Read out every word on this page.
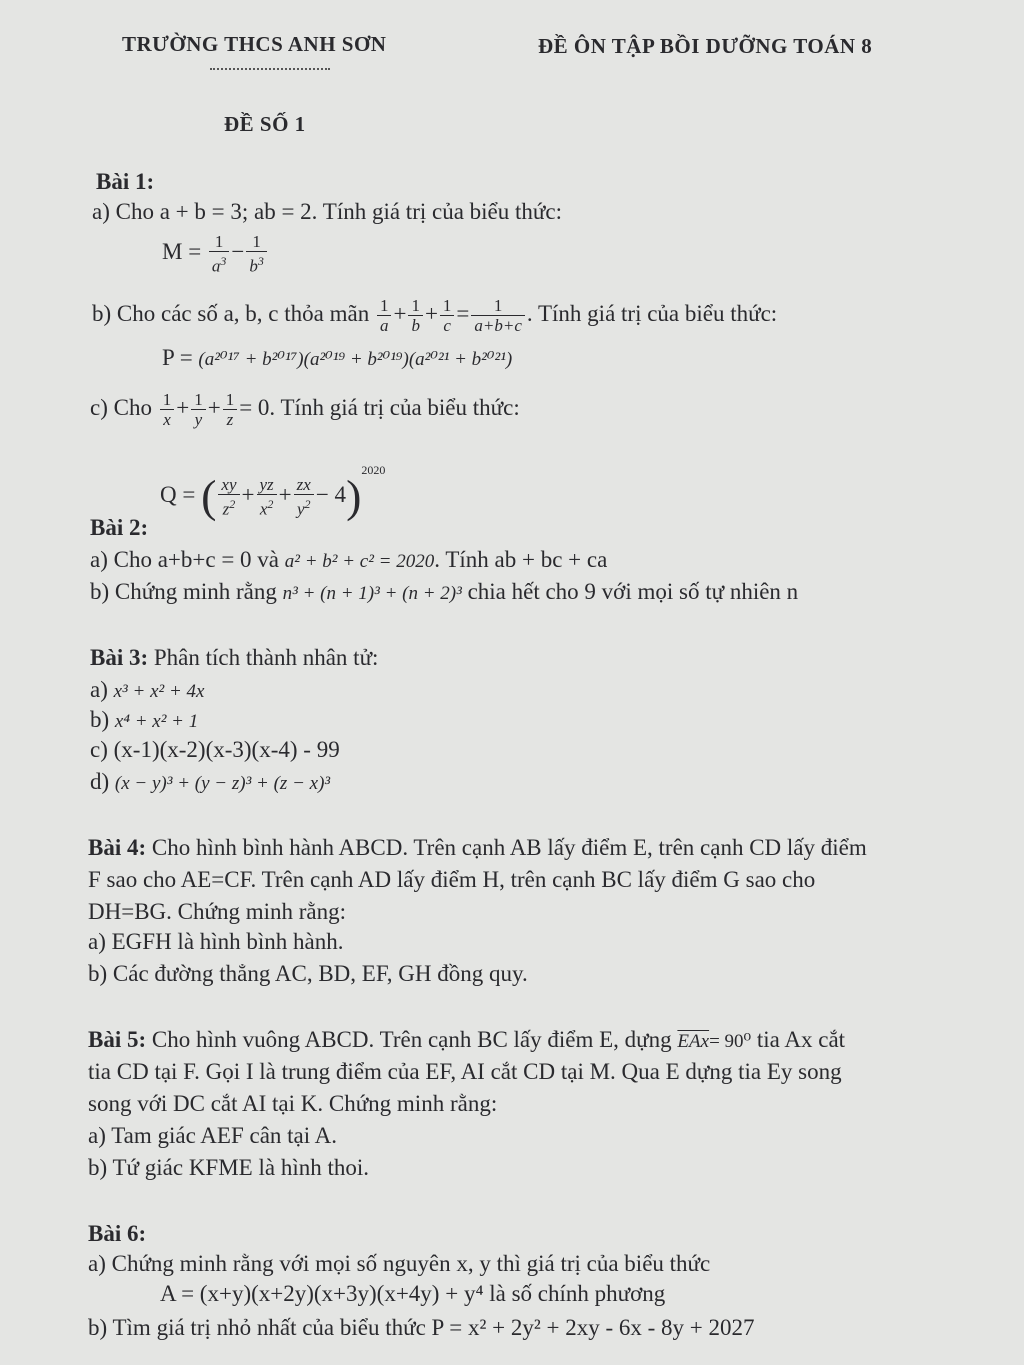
TRƯỜNG THCS ANH SƠN	ĐỀ ÔN TẬP BỒI DƯỠNG TOÁN 8
ĐỀ SỐ 1
Bài 1:
a) Cho a + b = 3; ab = 2. Tính giá trị của biểu thức:
$M = \frac{1}{a^3} - \frac{1}{b^3}$
b) Cho các số a, b, c thỏa mãn $\frac{1}{a} + \frac{1}{b} + \frac{1}{c} = \frac{1}{a+b+c}$ . Tính giá trị của biểu thức:
P = (a²⁰¹⁷ + b²⁰¹⁷)(a²⁰¹⁹ + b²⁰¹⁹)(a²⁰²¹ + b²⁰²¹)
c) Cho $\frac{1}{x} + \frac{1}{y} + \frac{1}{z} = 0$. Tính giá trị của biểu thức:
Q = ( $\frac{xy}{z^2} + \frac{yz}{x^2} + \frac{zx}{y^2} - 4)^{2020}$
Bài 2:
a) Cho a+b+c = 0 và a² + b² + c² = 2020. Tính ab + bc + ca
b) Chứng minh rằng n³ + (n + 1)³ + (n + 2)³ chia hết cho 9 với mọi số tự nhiên n
Bài 3: Phân tích thành nhân tử:
a) x³ + x² + 4x
b) x⁴ + x² + 1
c) (x-1)(x-2)(x-3)(x-4) - 99
d) (x − y)³ + (y − z)³ + (z − x)³
Bài 4: Cho hình bình hành ABCD. Trên cạnh AB lấy điểm E, trên cạnh CD lấy điểm
F sao cho AE=CF. Trên cạnh AD lấy điểm H, trên cạnh BC lấy điểm G sao cho
DH=BG. Chứng minh rằng:
a) EGFH là hình bình hành.
b) Các đường thẳng AC, BD, EF, GH đồng quy.
Bài 5: Cho hình vuông ABCD. Trên cạnh BC lấy điểm E, dựng $\overline{EAx}= 90^0$ tia Ax cắt
tia CD tại F. Gọi I là trung điểm của EF, AI cắt CD tại M. Qua E dựng tia Ey song
song với DC cắt AI tại K. Chứng minh rằng:
a) Tam giác AEF cân tại A.
b) Tứ giác KFME là hình thoi.
Bài 6:
a) Chứng minh rằng với mọi số nguyên x, y thì giá trị của biểu thức
A = (x+y)(x+2y)(x+3y)(x+4y) + y⁴ là số chính phương
b) Tìm giá trị nhỏ nhất của biểu thức P = x² + 2y² + 2xy - 6x - 8y + 2027
